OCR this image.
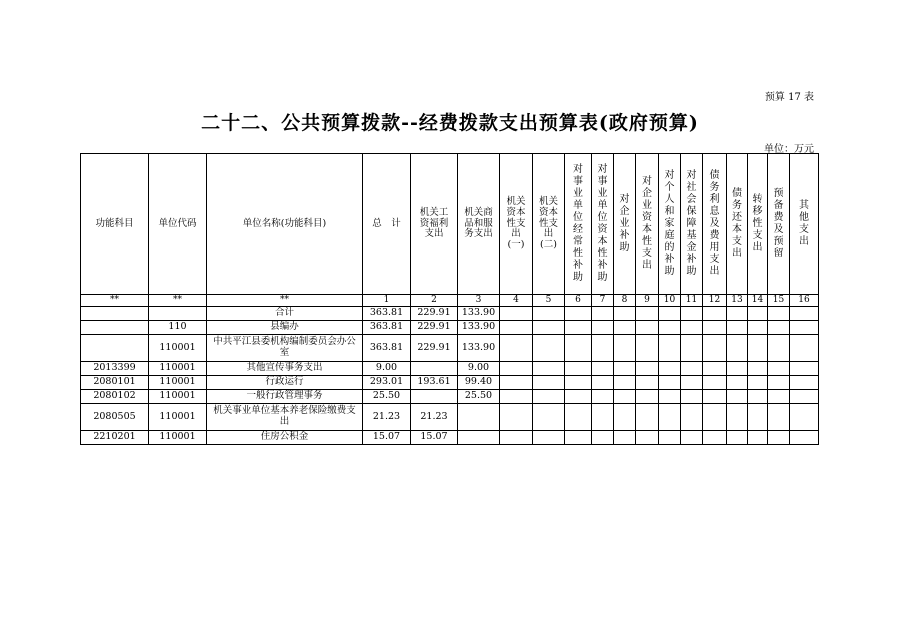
预算 17 表
二十二、公共预算拨款--经费拨款支出预算表(政府预算)
单位：万元
功能科目	单位代码	单位名称(功能科目)	总　计	机关工资福利支出	机关商品和服务支出	机关资本性支出(一)	机关资本性支出(二)	对事业单位经常性补助	对事业单位资本性补助	对企业补助	对企业资本性支出	对个人和家庭的补助	对社会保障基金补助	债务利息及费用支出	债务还本支出	转移性支出	预备费及预留	其他支出
**	**	**	1	2	3	4	5	6	7	8	9	10	11	12	13	14	15	16
		合计	363.81	229.91	133.90													
	110	县编办	363.81	229.91	133.90													
	110001	中共平江县委机构编制委员会办公室	363.81	229.91	133.90													
2013399	110001	其他宣传事务支出	9.00		9.00													
2080101	110001	行政运行	293.01	193.61	99.40													
2080102	110001	一般行政管理事务	25.50		25.50													
2080505	110001	机关事业单位基本养老保险缴费支出	21.23	21.23														
2210201	110001	住房公积金	15.07	15.07														
